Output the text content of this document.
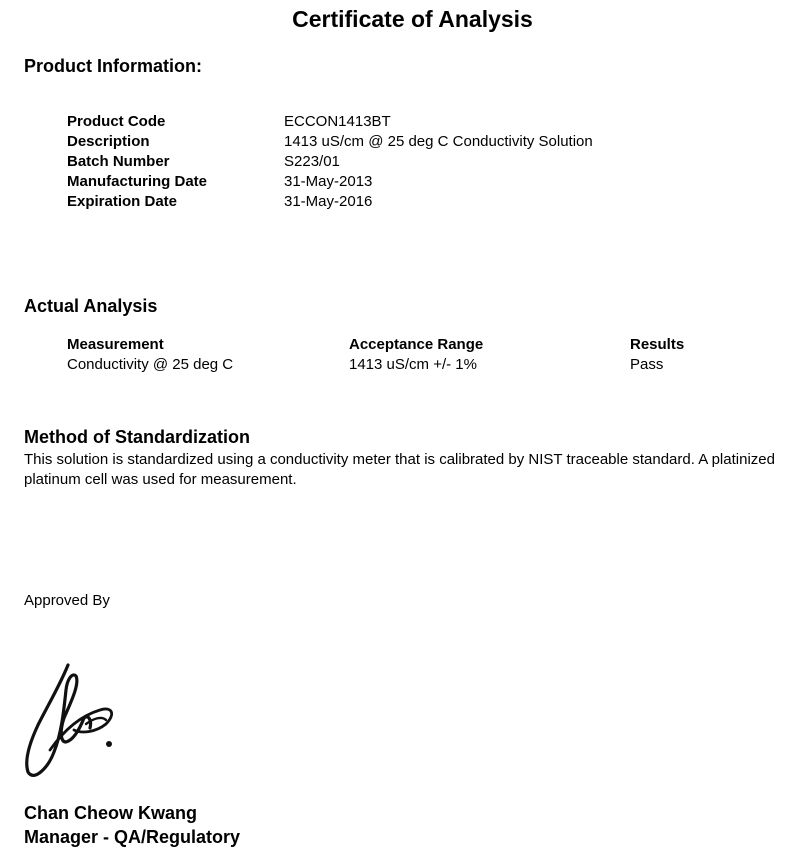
Certificate of Analysis
Product Information:
Product Code	ECCON1413BT
Description	1413 uS/cm @ 25 deg C Conductivity Solution
Batch Number	S223/01
Manufacturing Date	31-May-2013
Expiration Date	31-May-2016
Actual Analysis
Measurement	Acceptance Range	Results
Conductivity @ 25 deg C	1413 uS/cm +/- 1%	Pass
Method of Standardization
This solution is standardized using a conductivity meter that is calibrated by NIST traceable standard. A platinized platinum cell was used for measurement.
Approved By
Chan Cheow Kwang
Manager - QA/Regulatory
